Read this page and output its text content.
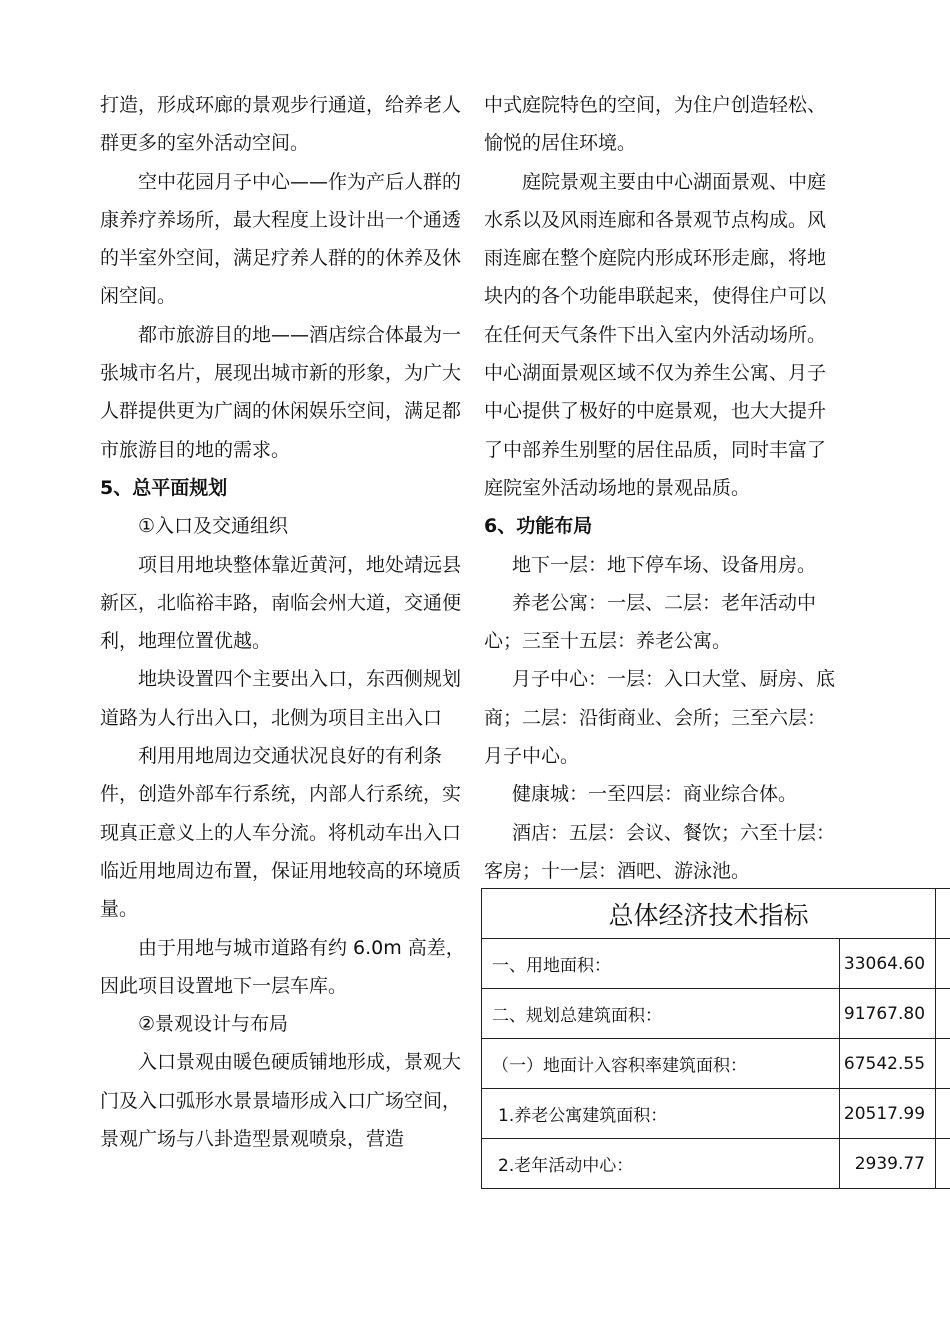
打造，形成环廊的景观步行通道，给养老人群更多的室外活动空间。

空中花园月子中心——作为产后人群的康养疗养场所，最大程度上设计出一个通透的半室外空间，满足疗养人群的的休养及休闲空间。

都市旅游目的地——酒店综合体最为一张城市名片，展现出城市新的形象，为广大人群提供更为广阔的休闲娱乐空间，满足都市旅游目的地的需求。

5、总平面规划

①入口及交通组织

项目用地块整体靠近黄河，地处靖远县新区，北临裕丰路，南临会州大道，交通便利，地理位置优越。

地块设置四个主要出入口，东西侧规划道路为人行出入口，北侧为项目主出入口

利用用地周边交通状况良好的有利条件，创造外部车行系统，内部人行系统，实现真正意义上的人车分流。将机动车出入口临近用地周边布置，保证用地较高的环境质量。

由于用地与城市道路有约 6.0m 高差，因此项目设置地下一层车库。

②景观设计与布局

入口景观由暖色硬质铺地形成，景观大门及入口弧形水景景墙形成入口广场空间，景观广场与八卦造型景观喷泉，营造

中式庭院特色的空间，为住户创造轻松、愉悦的居住环境。

庭院景观主要由中心湖面景观、中庭水系以及风雨连廊和各景观节点构成。风雨连廊在整个庭院内形成环形走廊，将地块内的各个功能串联起来，使得住户可以在任何天气条件下出入室内外活动场所。中心湖面景观区域不仅为养生公寓、月子中心提供了极好的中庭景观，也大大提升了中部养生别墅的居住品质，同时丰富了庭院室外活动场地的景观品质。

6、功能布局

地下一层：地下停车场、设备用房。

养老公寓：一层、二层：老年活动中心；三至十五层：养老公寓。

月子中心：一层：入口大堂、厨房、底商；二层：沿街商业、会所；三至六层：月子中心。

健康城：一至四层：商业综合体。

酒店：五层：会议、餐饮；六至十层：客房；十一层：酒吧、游泳池。

总体经济技术指标		
一、用地面积：	33064.60	
二、规划总建筑面积：	91767.80	
（一）地面计入容积率建筑面积：	67542.55	
1.养老公寓建筑面积：	20517.99	
2.老年活动中心：	2939.77	
